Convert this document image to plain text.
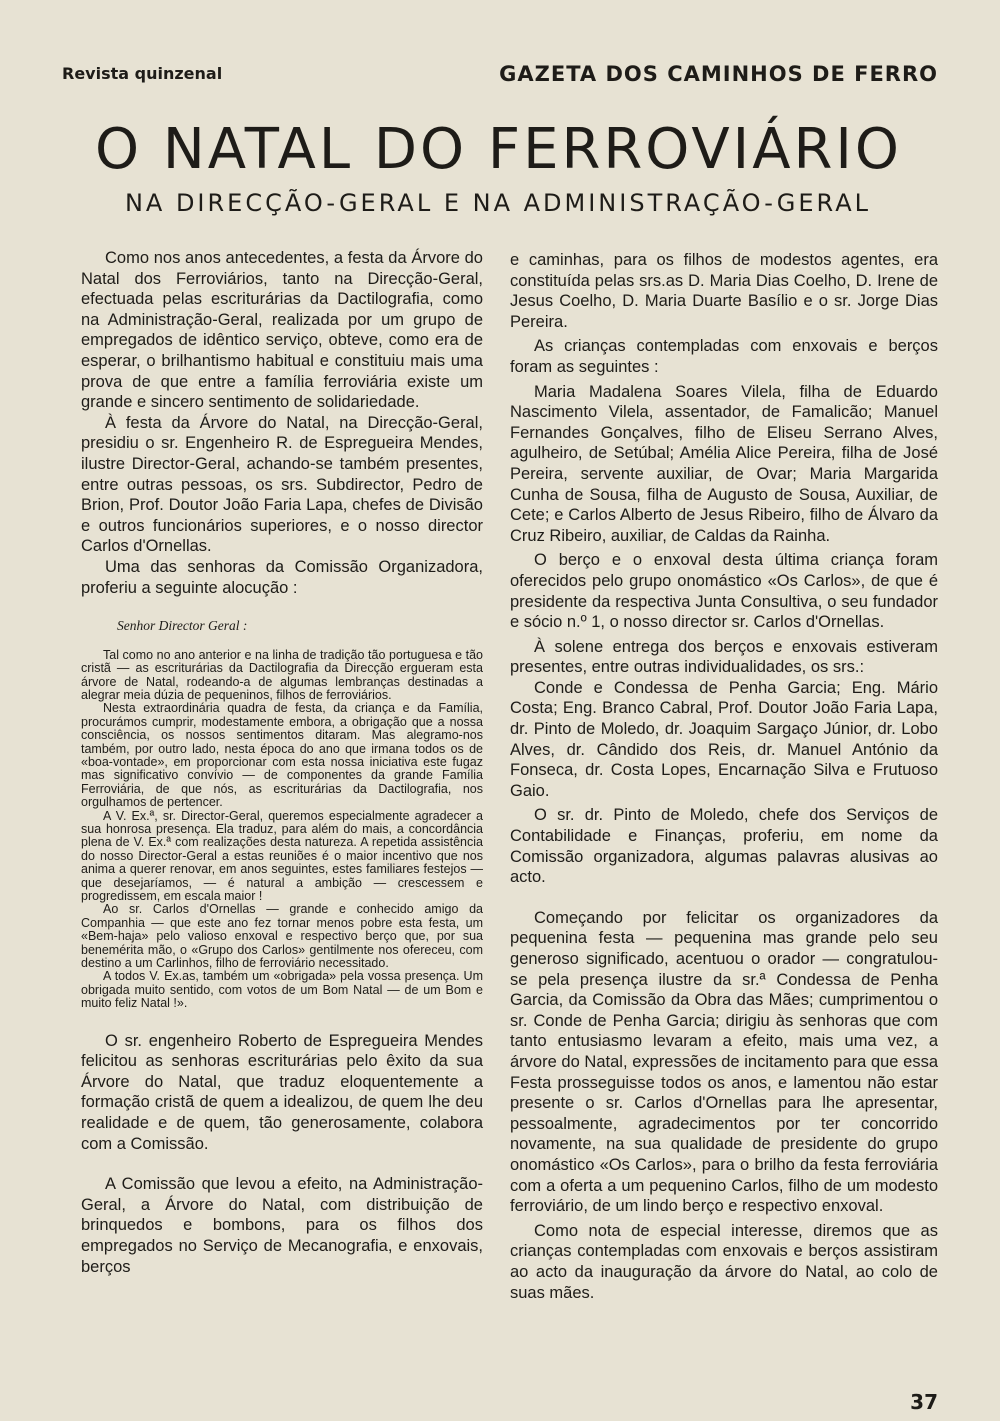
Revista quinzenal	GAZETA DOS CAMINHOS DE FERRO
O NATAL DO FERROVIÁRIO
NA DIRECÇÃO-GERAL E NA ADMINISTRAÇÃO-GERAL

Como nos anos antecedentes, a festa da Árvore do Natal dos Ferroviários, tanto na Direcção-Geral, efectuada pelas escriturárias da Dactilografia, como na Administração-Geral, realizada por um grupo de empregados de idêntico serviço, obteve, como era de esperar, o brilhantismo habitual e constituiu mais uma prova de que entre a família ferroviária existe um grande e sincero sentimento de solidariedade.

À festa da Árvore do Natal, na Direcção-Geral, presidiu o sr. Engenheiro R. de Espregueira Mendes, ilustre Director-Geral, achando-se também presentes, entre outras pessoas, os srs. Subdirector, Pedro de Brion, Prof. Doutor João Faria Lapa, chefes de Divisão e outros funcionários superiores, e o nosso director Carlos d'Ornellas.

Uma das senhoras da Comissão Organizadora, proferiu a seguinte alocução :

Senhor Director Geral :

Tal como no ano anterior e na linha de tradição tão portuguesa e tão cristã — as escriturárias da Dactilografia da Direcção ergueram esta árvore de Natal, rodeando-a de algumas lembranças destinadas a alegrar meia dúzia de pequeninos, filhos de ferroviários.

Nesta extraordinária quadra de festa, da criança e da Família, procurámos cumprir, modestamente embora, a obrigação que a nossa consciência, os nossos sentimentos ditaram. Mas alegramo-nos também, por outro lado, nesta época do ano que irmana todos os de «boa-vontade», em proporcionar com esta nossa iniciativa este fugaz mas significativo convívio — de componentes da grande Família Ferroviária, de que nós, as escriturárias da Dactilografia, nos orgulhamos de pertencer.

A V. Ex.ª, sr. Director-Geral, queremos especialmente agradecer a sua honrosa presença. Ela traduz, para além do mais, a concordância plena de V. Ex.ª com realizações desta natureza. A repetida assistência do nosso Director-Geral a estas reuniões é o maior incentivo que nos anima a querer renovar, em anos seguintes, estes familiares festejos — que desejaríamos, — é natural a ambição — crescessem e progredissem, em escala maior !

Ao sr. Carlos d'Ornellas — grande e conhecido amigo da Companhia — que este ano fez tornar menos pobre esta festa, um «Bem-haja» pelo valioso enxoval e respectivo berço que, por sua benemérita mão, o «Grupo dos Carlos» gentilmente nos ofereceu, com destino a um Carlinhos, filho de ferroviário necessitado.

A todos V. Ex.as, também um «obrigada» pela vossa presença. Um obrigada muito sentido, com votos de um Bom Natal — de um Bom e muito feliz Natal !».

O sr. engenheiro Roberto de Espregueira Mendes felicitou as senhoras escriturárias pelo êxito da sua Árvore do Natal, que traduz eloquentemente a formação cristã de quem a idealizou, de quem lhe deu realidade e de quem, tão generosamente, colabora com a Comissão.

A Comissão que levou a efeito, na Administração-Geral, a Árvore do Natal, com distribuição de brinquedos e bombons, para os filhos dos empregados no Serviço de Mecanografia, e enxovais, berços

e caminhas, para os filhos de modestos agentes, era constituída pelas srs.as D. Maria Dias Coelho, D. Irene de Jesus Coelho, D. Maria Duarte Basílio e o sr. Jorge Dias Pereira.

As crianças contempladas com enxovais e berços foram as seguintes :

Maria Madalena Soares Vilela, filha de Eduardo Nascimento Vilela, assentador, de Famalicão; Manuel Fernandes Gonçalves, filho de Eliseu Serrano Alves, agulheiro, de Setúbal; Amélia Alice Pereira, filha de José Pereira, servente auxiliar, de Ovar; Maria Margarida Cunha de Sousa, filha de Augusto de Sousa, Auxiliar, de Cete; e Carlos Alberto de Jesus Ribeiro, filho de Álvaro da Cruz Ribeiro, auxiliar, de Caldas da Rainha.

O berço e o enxoval desta última criança foram oferecidos pelo grupo onomástico «Os Carlos», de que é presidente da respectiva Junta Consultiva, o seu fundador e sócio n.º 1, o nosso director sr. Carlos d'Ornellas.

À solene entrega dos berços e enxovais estiveram presentes, entre outras individualidades, os srs.:

Conde e Condessa de Penha Garcia; Eng. Mário Costa; Eng. Branco Cabral, Prof. Doutor João Faria Lapa, dr. Pinto de Moledo, dr. Joaquim Sargaço Júnior, dr. Lobo Alves, dr. Cândido dos Reis, dr. Manuel António da Fonseca, dr. Costa Lopes, Encarnação Silva e Frutuoso Gaio.

O sr. dr. Pinto de Moledo, chefe dos Serviços de Contabilidade e Finanças, proferiu, em nome da Comissão organizadora, algumas palavras alusivas ao acto.

Começando por felicitar os organizadores da pequenina festa — pequenina mas grande pelo seu generoso significado, acentuou o orador — congratulou-se pela presença ilustre da sr.ª Condessa de Penha Garcia, da Comissão da Obra das Mães; cumprimentou o sr. Conde de Penha Garcia; dirigiu às senhoras que com tanto entusiasmo levaram a efeito, mais uma vez, a árvore do Natal, expressões de incitamento para que essa Festa prosseguisse todos os anos, e lamentou não estar presente o sr. Carlos d'Ornellas para lhe apresentar, pessoalmente, agradecimentos por ter concorrido novamente, na sua qualidade de presidente do grupo onomástico «Os Carlos», para o brilho da festa ferroviária com a oferta a um pequenino Carlos, filho de um modesto ferroviário, de um lindo berço e respectivo enxoval.

Como nota de especial interesse, diremos que as crianças contempladas com enxovais e berços assistiram ao acto da inauguração da árvore do Natal, ao colo de suas mães.

37
